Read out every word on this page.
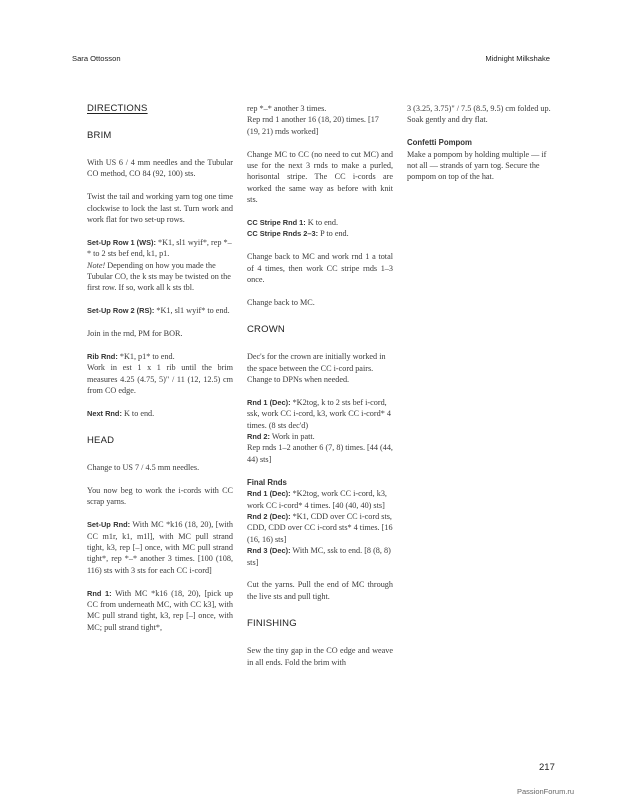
Sara Ottosson	Midnight Milkshake
DIRECTIONS
BRIM

With US 6 / 4 mm needles and the Tubular CO method, CO 84 (92, 100) sts.

Twist the tail and working yarn tog one time clockwise to lock the last st. Turn work and work flat for two set-up rows.

Set-Up Row 1 (WS): *K1, sl1 wyif*, rep *–* to 2 sts bef end, k1, p1.
Note! Depending on how you made the Tubular CO, the k sts may be twisted on the first row. If so, work all k sts tbl.

Set-Up Row 2 (RS): *K1, sl1 wyif* to end.

Join in the rnd, PM for BOR.

Rib Rnd: *K1, p1* to end.
Work in est 1 x 1 rib until the brim measures 4.25 (4.75, 5)" / 11 (12, 12.5) cm from CO edge.

Next Rnd: K to end.

HEAD

Change to US 7 / 4.5 mm needles.

You now beg to work the i-cords with CC scrap yarns.

Set-Up Rnd: With MC *k16 (18, 20), [with CC m1r, k1, m1l], with MC pull strand tight, k3, rep [–] once, with MC pull strand tight*, rep *–* another 3 times. [100 (108, 116) sts with 3 sts for each CC i-cord]

Rnd 1: With MC *k16 (18, 20), [pick up CC from underneath MC, with CC k3], with MC pull strand tight, k3, rep [–] once, with MC; pull strand tight*,

rep *–* another 3 times.
Rep rnd 1 another 16 (18, 20) times. [17 (19, 21) rnds worked]

Change MC to CC (no need to cut MC) and use for the next 3 rnds to make a purled, horisontal stripe. The CC i-cords are worked the same way as before with knit sts.

CC Stripe Rnd 1: K to end.
CC Stripe Rnds 2–3: P to end.

Change back to MC and work rnd 1 a total of 4 times, then work CC stripe rnds 1–3 once.

Change back to MC.

CROWN

Dec's for the crown are initially worked in the space between the CC i-cord pairs. Change to DPNs when needed.

Rnd 1 (Dec): *K2tog, k to 2 sts bef i-cord, ssk, work CC i-cord, k3, work CC i-cord* 4 times. (8 sts dec'd)
Rnd 2: Work in patt.
Rep rnds 1–2 another 6 (7, 8) times. [44 (44, 44) sts]

Final Rnds
Rnd 1 (Dec): *K2tog, work CC i-cord, k3, work CC i-cord* 4 times. [40 (40, 40) sts]
Rnd 2 (Dec): *K1, CDD over CC i-cord sts, CDD, CDD over CC i-cord sts* 4 times. [16 (16, 16) sts]
Rnd 3 (Dec): With MC, ssk to end. [8 (8, 8) sts]

Cut the yarns. Pull the end of MC through the live sts and pull tight.

FINISHING

Sew the tiny gap in the CO edge and weave in all ends. Fold the brim with

3 (3.25, 3.75)" / 7.5 (8.5, 9.5) cm folded up. Soak gently and dry flat.

Confetti Pompom
Make a pompom by holding multiple — if not all — strands of yarn tog. Secure the pompom on top of the hat.

217
PassionForum.ru
